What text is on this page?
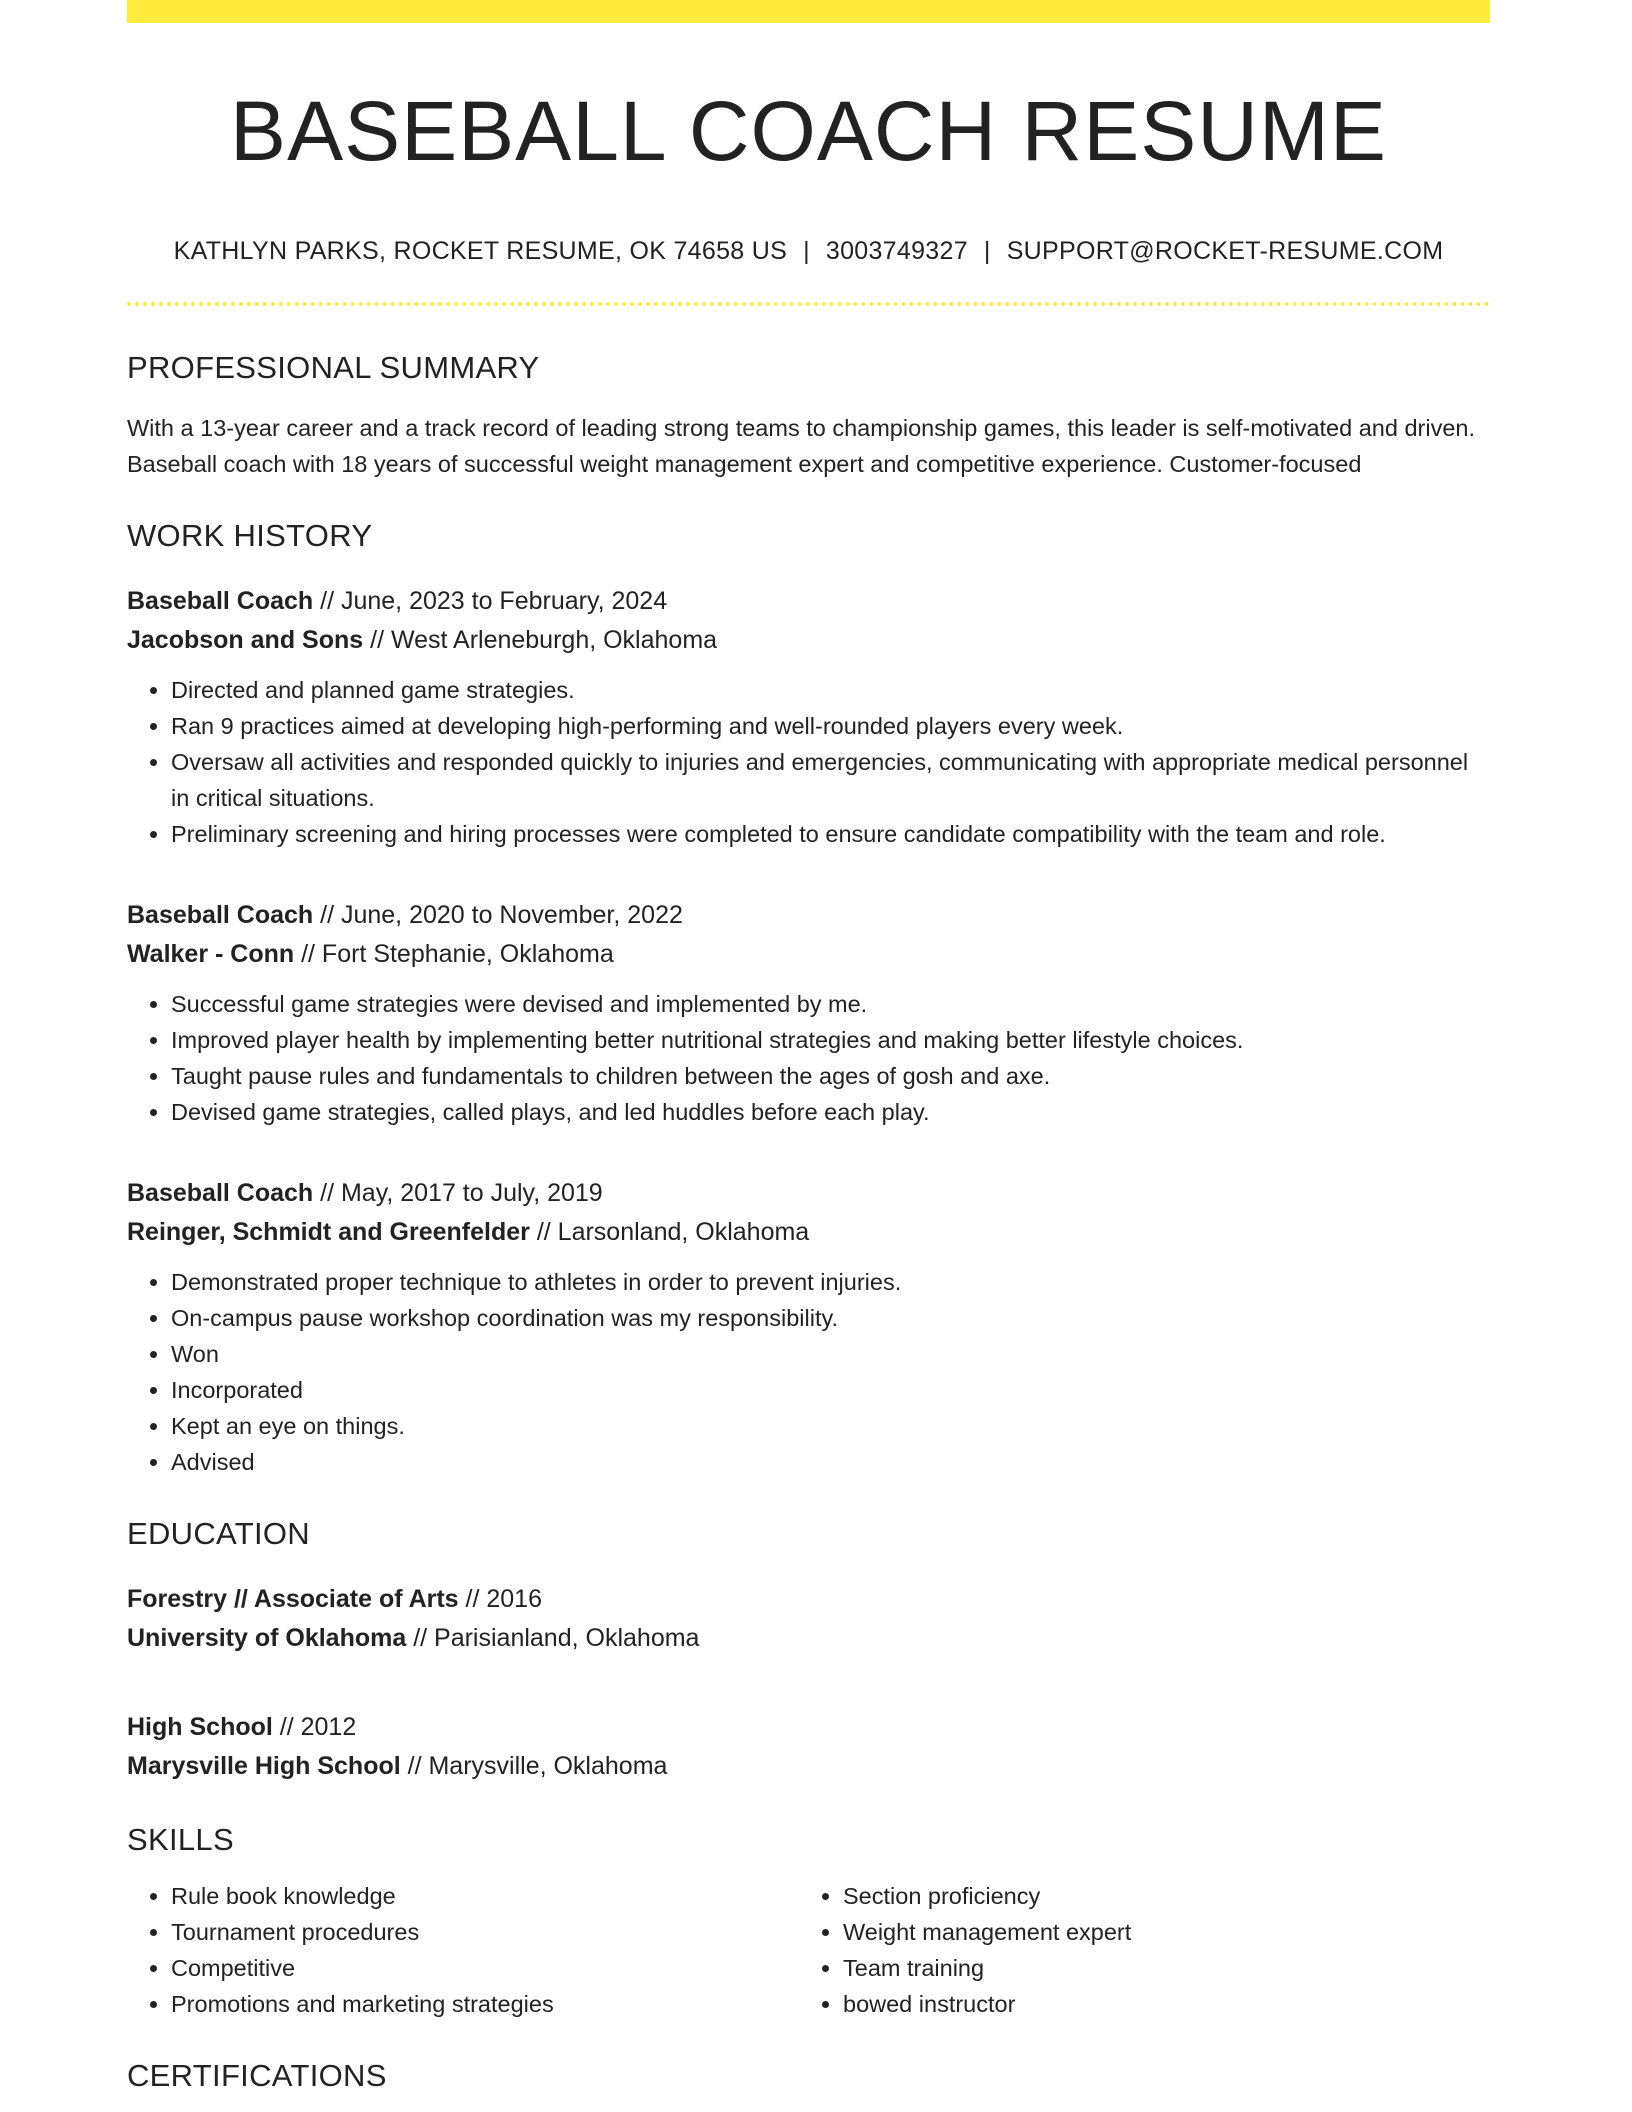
BASEBALL COACH RESUME
KATHLYN PARKS, ROCKET RESUME, OK 74658 US | 3003749327 | SUPPORT@ROCKET-RESUME.COM
PROFESSIONAL SUMMARY
With a 13-year career and a track record of leading strong teams to championship games, this leader is self-motivated and driven. Baseball coach with 18 years of successful weight management expert and competitive experience. Customer-focused
WORK HISTORY
Baseball Coach // June, 2023 to February, 2024
Jacobson and Sons // West Arleneburgh, Oklahoma
• Directed and planned game strategies.
• Ran 9 practices aimed at developing high-performing and well-rounded players every week.
• Oversaw all activities and responded quickly to injuries and emergencies, communicating with appropriate medical personnel in critical situations.
• Preliminary screening and hiring processes were completed to ensure candidate compatibility with the team and role.
Baseball Coach // June, 2020 to November, 2022
Walker - Conn // Fort Stephanie, Oklahoma
• Successful game strategies were devised and implemented by me.
• Improved player health by implementing better nutritional strategies and making better lifestyle choices.
• Taught pause rules and fundamentals to children between the ages of gosh and axe.
• Devised game strategies, called plays, and led huddles before each play.
Baseball Coach // May, 2017 to July, 2019
Reinger, Schmidt and Greenfelder // Larsonland, Oklahoma
• Demonstrated proper technique to athletes in order to prevent injuries.
• On-campus pause workshop coordination was my responsibility.
• Won
• Incorporated
• Kept an eye on things.
• Advised
EDUCATION
Forestry // Associate of Arts // 2016
University of Oklahoma // Parisianland, Oklahoma
High School // 2012
Marysville High School // Marysville, Oklahoma
SKILLS
• Rule book knowledge
• Tournament procedures
• Competitive
• Promotions and marketing strategies
• Section proficiency
• Weight management expert
• Team training
• bowed instructor
CERTIFICATIONS
